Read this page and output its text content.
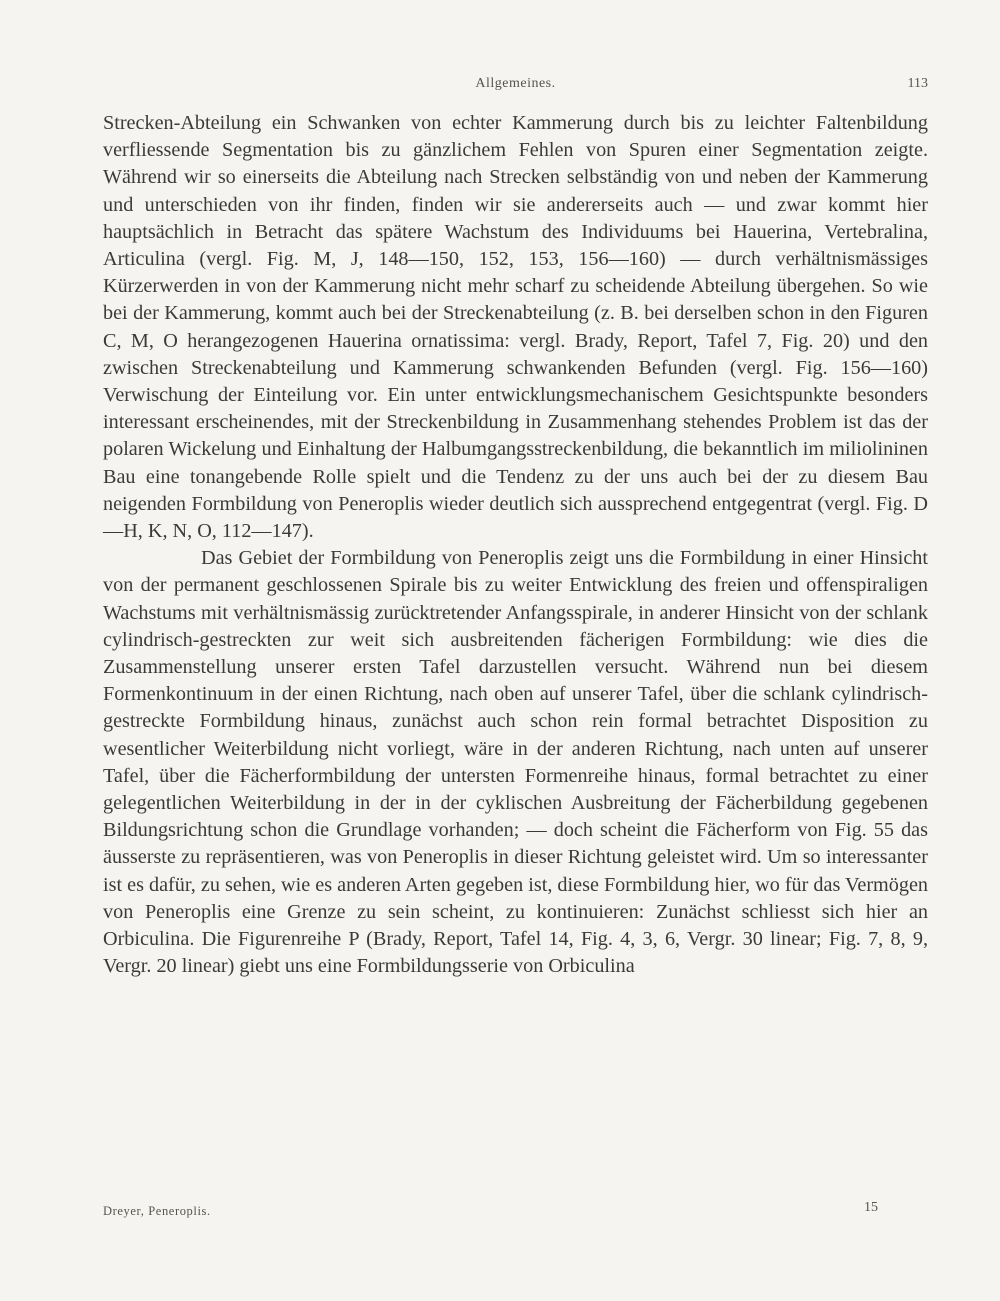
Allgemeines.	113

Strecken-Abteilung ein Schwanken von echter Kammerung durch bis zu leichter Faltenbildung verfliessende Segmentation bis zu gänzlichem Fehlen von Spuren einer Segmentation zeigte. Während wir so einerseits die Abteilung nach Strecken selbständig von und neben der Kammerung und unterschieden von ihr finden, finden wir sie andererseits auch — und zwar kommt hier hauptsächlich in Betracht das spätere Wachstum des Individuums bei Hauerina, Vertebralina, Articulina (vergl. Fig. M, J, 148—150, 152, 153, 156—160) — durch verhältnismässiges Kürzerwerden in von der Kammerung nicht mehr scharf zu scheidende Abteilung übergehen. So wie bei der Kammerung, kommt auch bei der Streckenabteilung (z. B. bei derselben schon in den Figuren C, M, O herangezogenen Hauerina ornatissima: vergl. Brady, Report, Tafel 7, Fig. 20) und den zwischen Streckenabteilung und Kammerung schwankenden Befunden (vergl. Fig. 156—160) Verwischung der Einteilung vor. Ein unter entwicklungsmechanischem Gesichtspunkte besonders interessant erscheinendes, mit der Streckenbildung in Zusammenhang stehendes Problem ist das der polaren Wickelung und Einhaltung der Halbumgangsstreckenbildung, die bekanntlich im miliolininen Bau eine tonangebende Rolle spielt und die Tendenz zu der uns auch bei der zu diesem Bau neigenden Formbildung von Peneroplis wieder deutlich sich aussprechend entgegentrat (vergl. Fig. D—H, K, N, O, 112—147).

Das Gebiet der Formbildung von Peneroplis zeigt uns die Formbildung in einer Hinsicht von der permanent geschlossenen Spirale bis zu weiter Entwicklung des freien und offenspiraligen Wachstums mit verhältnismässig zurücktretender Anfangsspirale, in anderer Hinsicht von der schlank cylindrisch-gestreckten zur weit sich ausbreitenden fächerigen Formbildung: wie dies die Zusammenstellung unserer ersten Tafel darzustellen versucht. Während nun bei diesem Formenkontinuum in der einen Richtung, nach oben auf unserer Tafel, über die schlank cylindrisch-gestreckte Formbildung hinaus, zunächst auch schon rein formal betrachtet Disposition zu wesentlicher Weiterbildung nicht vorliegt, wäre in der anderen Richtung, nach unten auf unserer Tafel, über die Fächerformbildung der untersten Formenreihe hinaus, formal betrachtet zu einer gelegentlichen Weiterbildung in der in der cyklischen Ausbreitung der Fächerbildung gegebenen Bildungsrichtung schon die Grundlage vorhanden; — doch scheint die Fächerform von Fig. 55 das äusserste zu repräsentieren, was von Peneroplis in dieser Richtung geleistet wird. Um so interessanter ist es dafür, zu sehen, wie es anderen Arten gegeben ist, diese Formbildung hier, wo für das Vermögen von Peneroplis eine Grenze zu sein scheint, zu kontinuieren: Zunächst schliesst sich hier an Orbiculina. Die Figurenreihe P (Brady, Report, Tafel 14, Fig. 4, 3, 6, Vergr. 30 linear; Fig. 7, 8, 9, Vergr. 20 linear) giebt uns eine Formbildungsserie von Orbiculina

Dreyer, Peneroplis.	15
